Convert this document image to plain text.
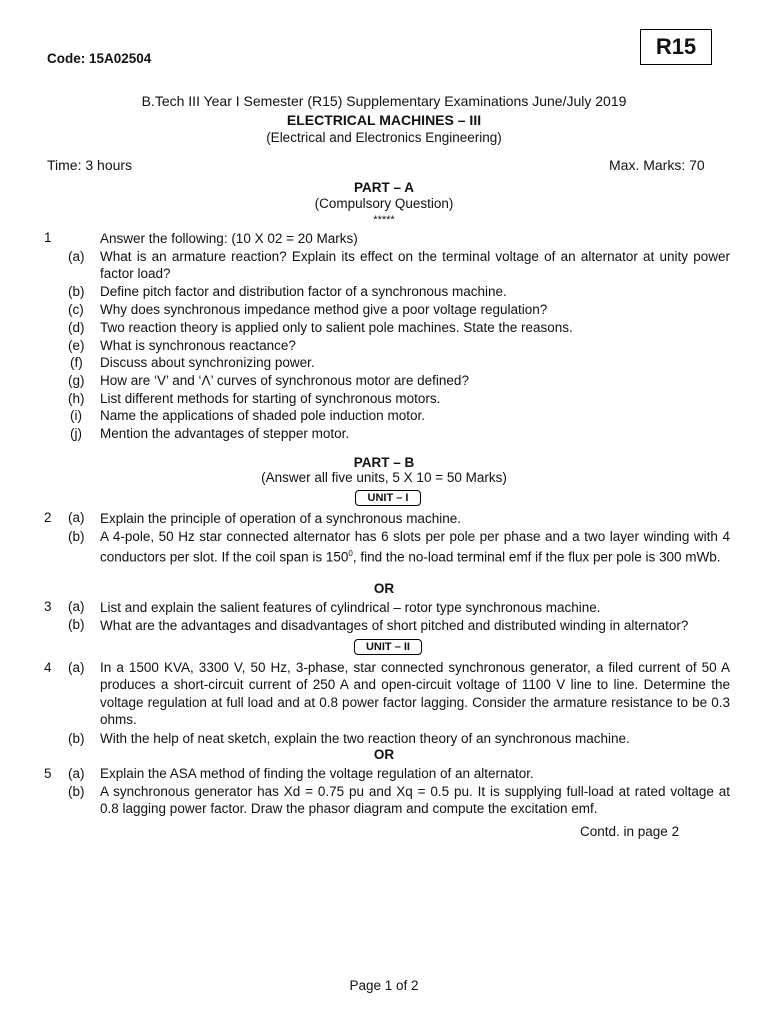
Code: 15A02504	R15
B.Tech III Year I Semester (R15) Supplementary Examinations June/July 2019
ELECTRICAL MACHINES – III
(Electrical and Electronics Engineering)
Time: 3 hours	Max. Marks: 70
PART – A
(Compulsory Question)
*****
1	Answer the following: (10 X 02 = 20 Marks)
(a) What is an armature reaction? Explain its effect on the terminal voltage of an alternator at unity power factor load?
(b) Define pitch factor and distribution factor of a synchronous machine.
(c) Why does synchronous impedance method give a poor voltage regulation?
(d) Two reaction theory is applied only to salient pole machines. State the reasons.
(e) What is synchronous reactance?
(f) Discuss about synchronizing power.
(g) How are ‘V’ and ‘Λ’ curves of synchronous motor are defined?
(h) List different methods for starting of synchronous motors.
(i) Name the applications of shaded pole induction motor.
(j) Mention the advantages of stepper motor.
PART – B
(Answer all five units, 5 X 10 = 50 Marks)
UNIT – I
2 (a) Explain the principle of operation of a synchronous machine.
(b) A 4-pole, 50 Hz star connected alternator has 6 slots per pole per phase and a two layer winding with 4 conductors per slot. If the coil span is $150^0$, find the no-load terminal emf if the flux per pole is 300 mWb.
OR
3 (a) List and explain the salient features of cylindrical – rotor type synchronous machine.
(b) What are the advantages and disadvantages of short pitched and distributed winding in alternator?
UNIT – II
4 (a) In a 1500 KVA, 3300 V, 50 Hz, 3-phase, star connected synchronous generator, a filed current of 50 A produces a short-circuit current of 250 A and open-circuit voltage of 1100 V line to line. Determine the voltage regulation at full load and at 0.8 power factor lagging. Consider the armature resistance to be 0.3 ohms.
(b) With the help of neat sketch, explain the two reaction theory of an synchronous machine.
OR
5 (a) Explain the ASA method of finding the voltage regulation of an alternator.
(b) A synchronous generator has Xd = 0.75 pu and Xq = 0.5 pu. It is supplying full-load at rated voltage at 0.8 lagging power factor. Draw the phasor diagram and compute the excitation emf.
Contd. in page 2
Page 1 of 2
